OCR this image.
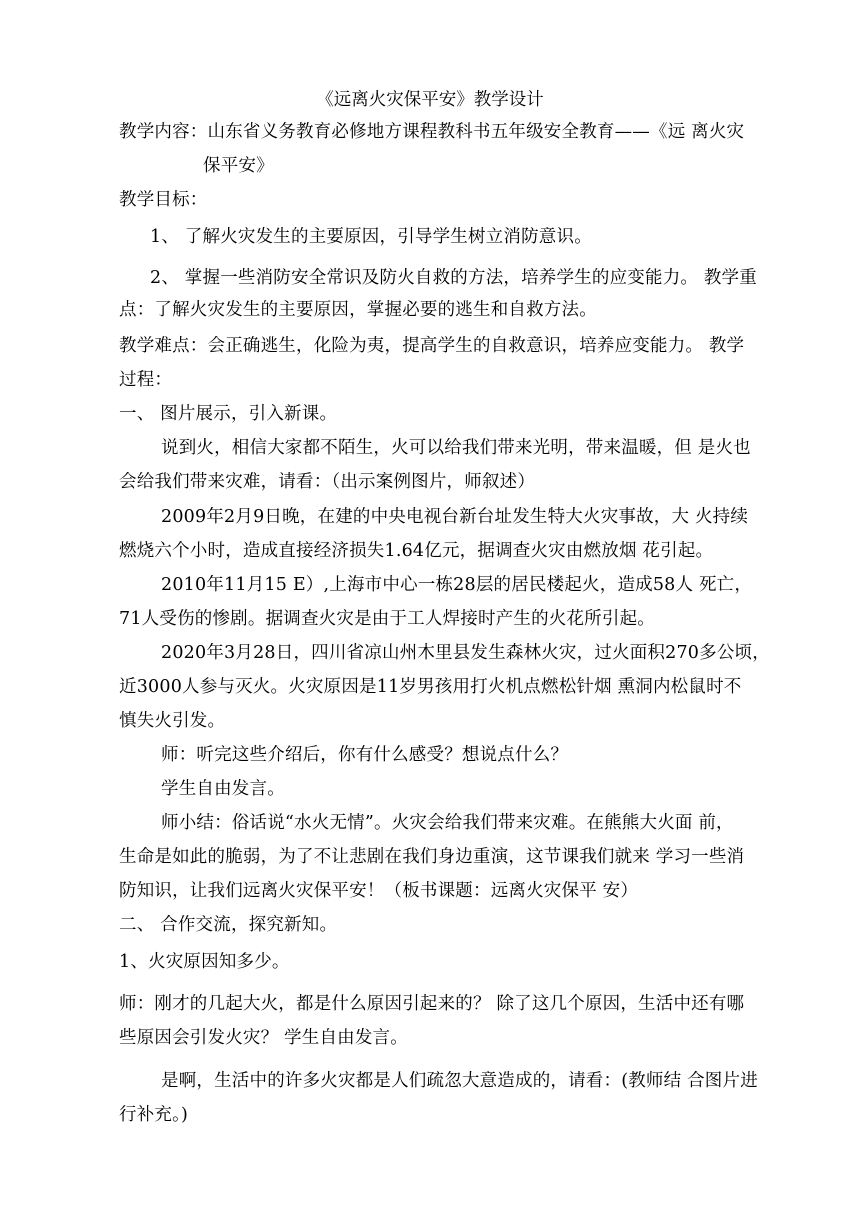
《远离火灾保平安》教学设计
教学内容：山东省义务教育必修地方课程教科书五年级安全教育——《远 离火灾
保平安》
教学目标：
1、 了解火灾发生的主要原因，引导学生树立消防意识。
2、 掌握一些消防安全常识及防火自救的方法，培养学生的应变能力。 教学重
点：了解火灾发生的主要原因，掌握必要的逃生和自救方法。
教学难点：会正确逃生，化险为夷，提高学生的自救意识，培养应变能力。 教学
过程：
一、 图片展示，引入新课。
说到火，相信大家都不陌生，火可以给我们带来光明，带来温暖，但 是火也
会给我们带来灾难，请看：（出示案例图片，师叙述）
2009年2月9日晚，在建的中央电视台新台址发生特大火灾事故，大 火持续
燃烧六个小时，造成直接经济损失1.64亿元，据调查火灾由燃放烟 花引起。
2010年11月15 E）,上海市中心一栋28层的居民楼起火，造成58人 死亡，
71人受伤的惨剧。据调查火灾是由于工人焊接时产生的火花所引起。
2020年3月28日，四川省凉山州木里县发生森林火灾，过火面积270多公顷，
近3000人参与灭火。火灾原因是11岁男孩用打火机点燃松针烟 熏洞内松鼠时不
慎失火引发。
师：听完这些介绍后，你有什么感受？想说点什么？
学生自由发言。
师小结：俗话说“水火无情”。火灾会给我们带来灾难。在熊熊大火面 前，
生命是如此的脆弱，为了不让悲剧在我们身边重演，这节课我们就来 学习一些消
防知识，让我们远离火灾保平安！（板书课题：远离火灾保平 安）
二、 合作交流，探究新知。
1、火灾原因知多少。
师：刚才的几起大火，都是什么原因引起来的？ 除了这几个原因，生活中还有哪
些原因会引发火灾？ 学生自由发言。
是啊，生活中的许多火灾都是人们疏忽大意造成的，请看：(教师结 合图片进
行补充。)
